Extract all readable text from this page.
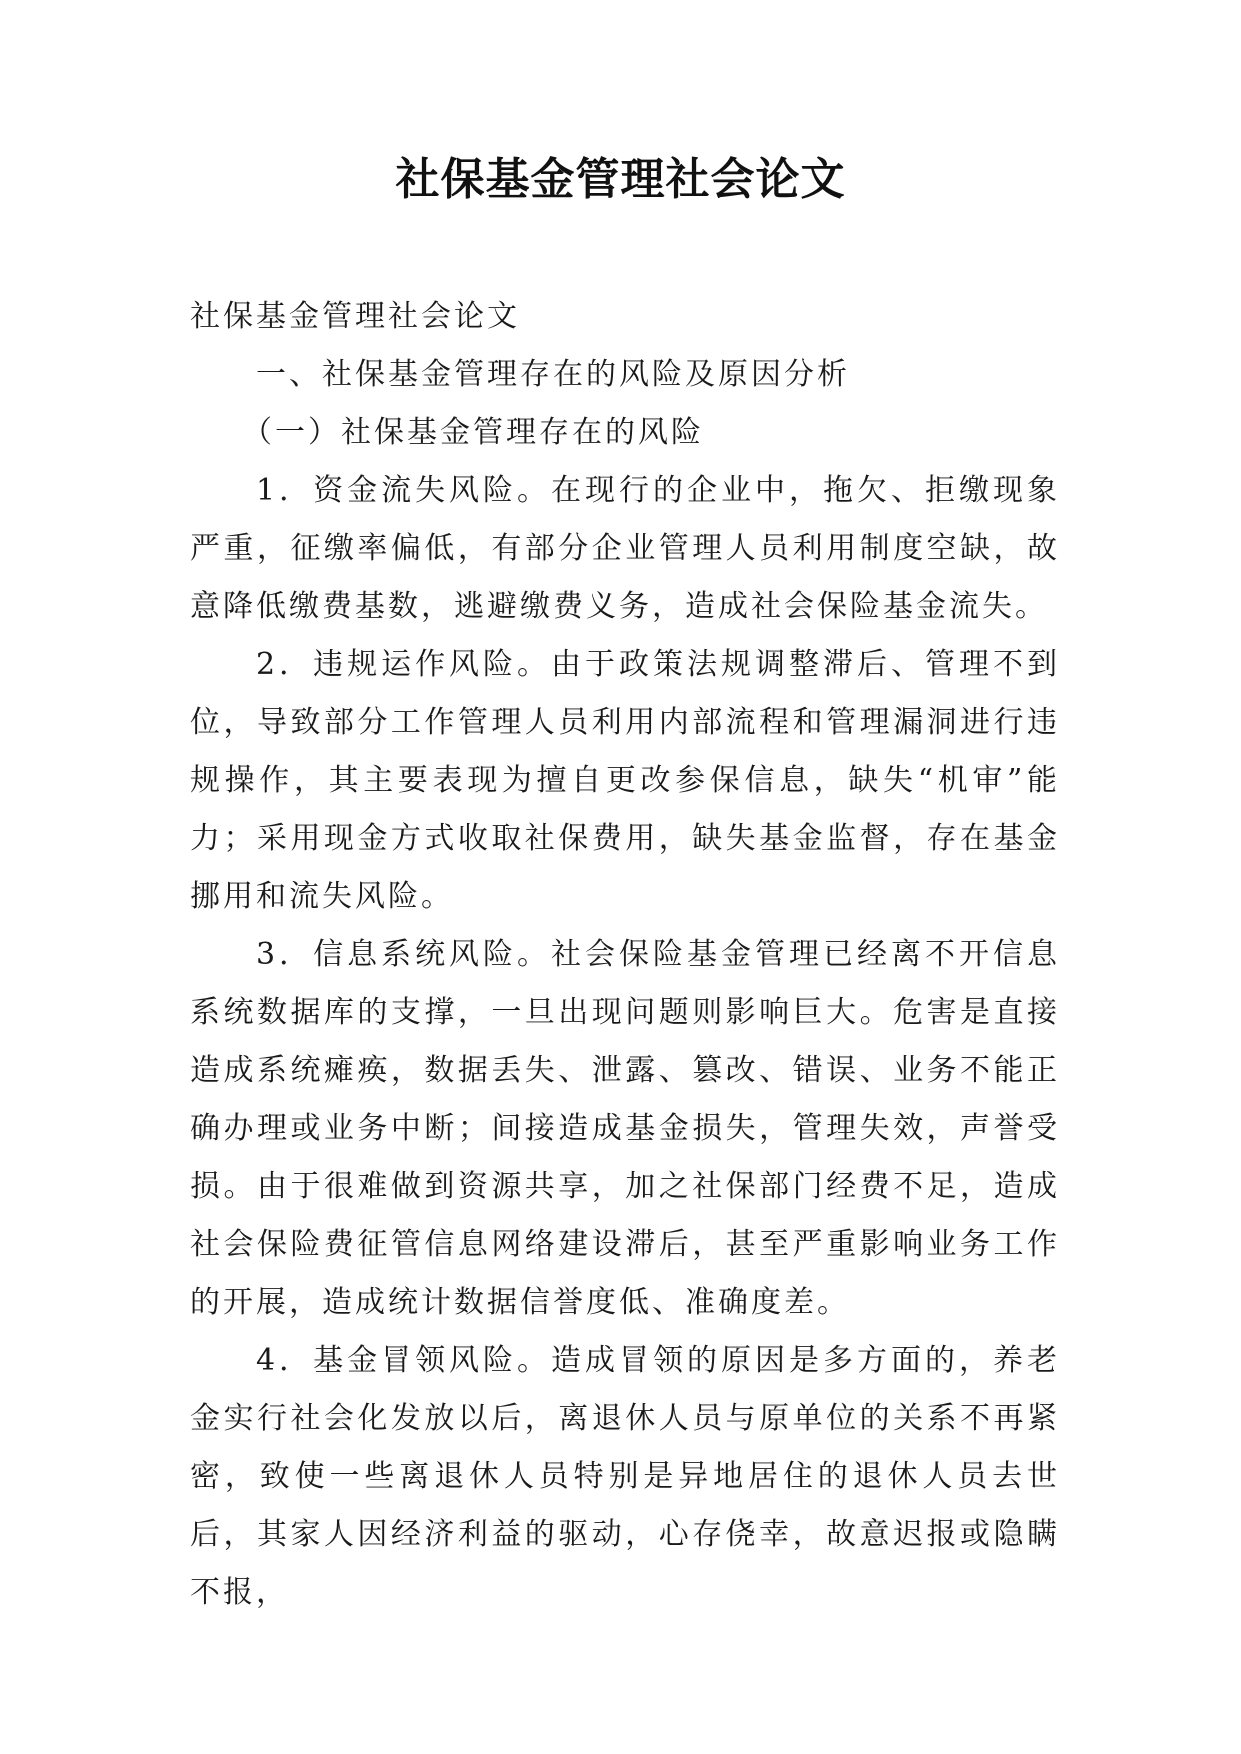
社保基金管理社会论文

社保基金管理社会论文

一、社保基金管理存在的风险及原因分析

（一）社保基金管理存在的风险

1．资金流失风险。在现行的企业中，拖欠、拒缴现象严重，征缴率偏低，有部分企业管理人员利用制度空缺，故意降低缴费基数，逃避缴费义务，造成社会保险基金流失。

2．违规运作风险。由于政策法规调整滞后、管理不到位，导致部分工作管理人员利用内部流程和管理漏洞进行违规操作，其主要表现为擅自更改参保信息，缺失“机审”能力；采用现金方式收取社保费用，缺失基金监督，存在基金挪用和流失风险。

3．信息系统风险。社会保险基金管理已经离不开信息系统数据库的支撑，一旦出现问题则影响巨大。危害是直接造成系统瘫痪，数据丢失、泄露、篡改、错误、业务不能正确办理或业务中断；间接造成基金损失，管理失效，声誉受损。由于很难做到资源共享，加之社保部门经费不足，造成社会保险费征管信息网络建设滞后，甚至严重影响业务工作的开展，造成统计数据信誉度低、准确度差。

4．基金冒领风险。造成冒领的原因是多方面的，养老金实行社会化发放以后，离退休人员与原单位的关系不再紧密，致使一些离退休人员特别是异地居住的退休人员去世后，其家人因经济利益的驱动，心存侥幸，故意迟报或隐瞒不报，
